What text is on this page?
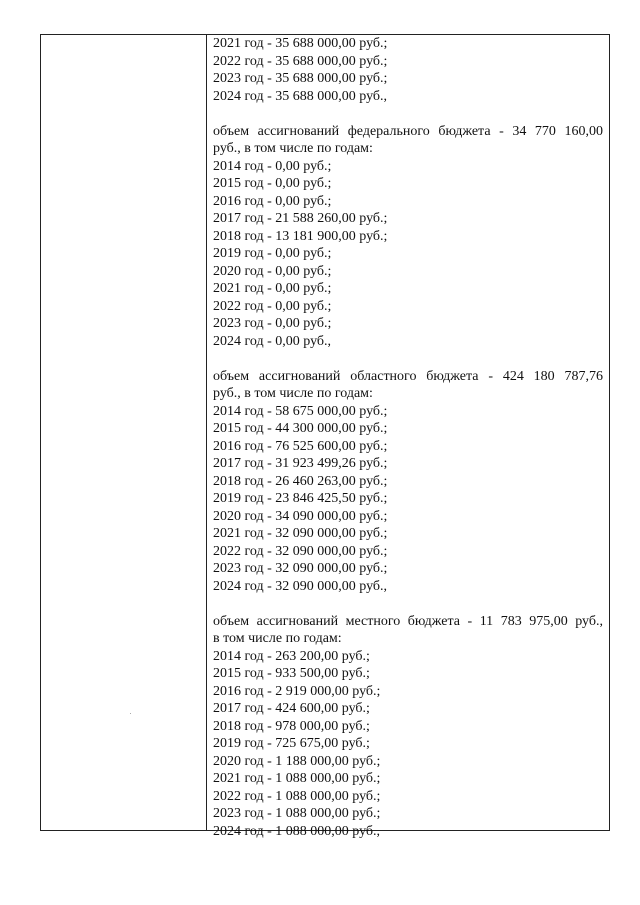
2021 год - 35 688 000,00 руб.;
2022 год - 35 688 000,00 руб.;
2023 год - 35 688 000,00 руб.;
2024 год - 35 688 000,00 руб.,
объем ассигнований федерального бюджета - 34 770 160,00
руб., в том числе по годам:
2014 год - 0,00 руб.;
2015 год - 0,00 руб.;
2016 год - 0,00 руб.;
2017 год - 21 588 260,00 руб.;
2018 год - 13 181 900,00 руб.;
2019 год - 0,00 руб.;
2020 год - 0,00 руб.;
2021 год - 0,00 руб.;
2022 год - 0,00 руб.;
2023 год - 0,00 руб.;
2024 год - 0,00 руб.,
объем ассигнований областного бюджета - 424 180 787,76
руб., в том числе по годам:
2014 год - 58 675 000,00 руб.;
2015 год - 44 300 000,00 руб.;
2016 год - 76 525 600,00 руб.;
2017 год - 31 923 499,26 руб.;
2018 год - 26 460 263,00 руб.;
2019 год - 23 846 425,50 руб.;
2020 год - 34 090 000,00 руб.;
2021 год - 32 090 000,00 руб.;
2022 год - 32 090 000,00 руб.;
2023 год - 32 090 000,00 руб.;
2024 год - 32 090 000,00 руб.,
объем ассигнований местного бюджета - 11 783 975,00 руб.,
в том числе по годам:
2014 год - 263 200,00 руб.;
2015 год - 933 500,00 руб.;
2016 год - 2 919 000,00 руб.;
2017 год - 424 600,00 руб.;
2018 год - 978 000,00 руб.;
2019 год - 725 675,00 руб.;
2020 год - 1 188 000,00 руб.;
2021 год - 1 088 000,00 руб.;
2022 год - 1 088 000,00 руб.;
2023 год - 1 088 000,00 руб.;
2024 год - 1 088 000,00 руб.,
